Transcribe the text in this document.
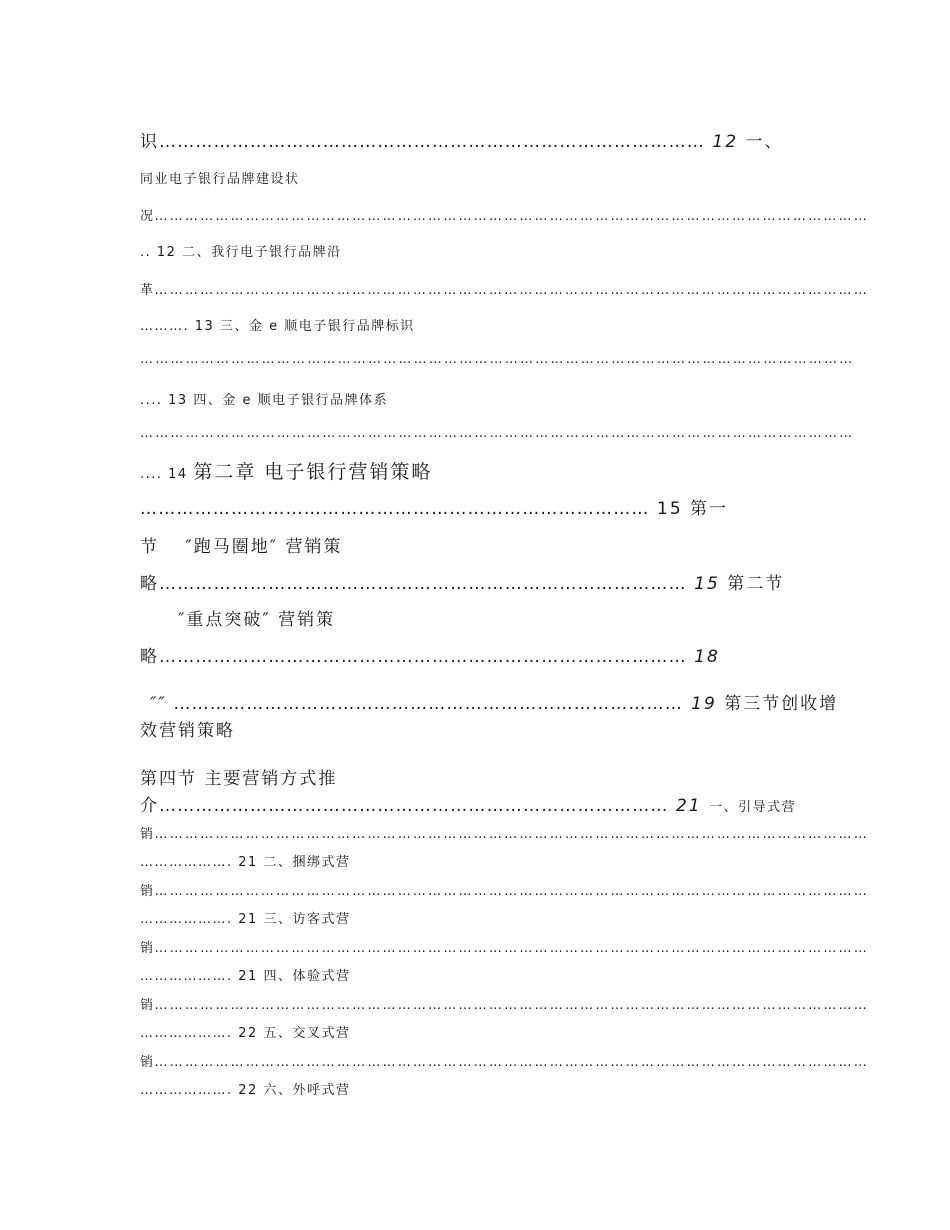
识……………………………………………………………………………… 12 一、
同业电子银行品牌建设状
况……………………………………………………………………………………………………………………………
.. 12 二、我行电子银行品牌沿
革……………………………………………………………………………………………………………………………
………. 13 三、金 e 顺电子银行品牌标识
……………………………………………………………………………………………………………………………
.... 13 四、金 e 顺电子银行品牌体系
……………………………………………………………………………………………………………………………
.... 14 第二章 电子银行营销策略
………………………………………………………………………… 15 第一
节　 ″跑马圈地″ 营销策
略…………………………………………………………………………… 15 第二节
″重点突破″ 营销策
略…………………………………………………………………………… 18
″″ ………………………………………………………………………… 19 第三节创收增
效营销策略
第四节 主要营销方式推
介………………………………………………………………………… 21 一、引导式营
销……………………………………………………………………………………………………………………………
………………. 21 二、捆绑式营
销……………………………………………………………………………………………………………………………
………………. 21 三、访客式营
销……………………………………………………………………………………………………………………………
………………. 21 四、体验式营
销……………………………………………………………………………………………………………………………
………………. 22 五、交叉式营
销……………………………………………………………………………………………………………………………
………………. 22 六、外呼式营
